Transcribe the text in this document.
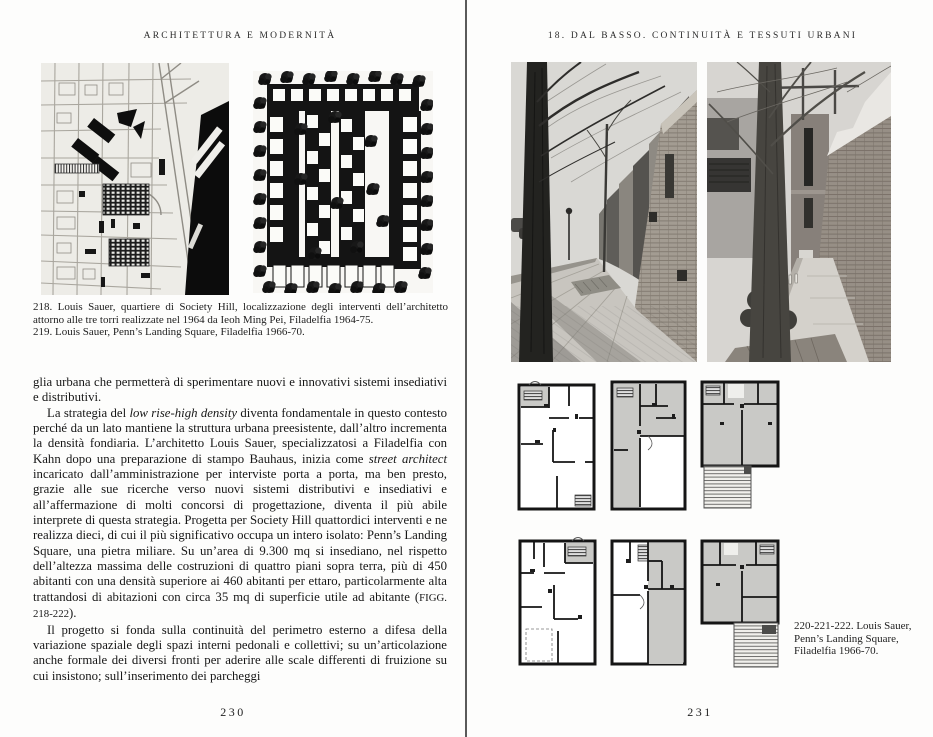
ARCHITETTURA E MODERNITÀ

218. Louis Sauer, quartiere di Society Hill, localizzazione degli interventi dell’architetto attorno alle tre torri realizzate nel 1964 da Ieoh Ming Pei, Filadelfia 1964-75.

219. Louis Sauer, Penn’s Landing Square, Filadelfia 1966-70.

glia urbana che permetterà di sperimentare nuovi e innovativi sistemi insediativi e distributivi.

La strategia del low rise-high density diventa fondamentale in questo contesto perché da un lato mantiene la struttura urbana preesistente, dall’altro incrementa la densità fondiaria. L’architetto Louis Sauer, specializzatosi a Filadelfia con Kahn dopo una preparazione di stampo Bauhaus, inizia come street architect incaricato dall’amministrazione per interviste porta a porta, ma ben presto, grazie alle sue ricerche verso nuovi sistemi distributivi e insediativi e all’affermazione di molti concorsi di progettazione, diventa il più abile interprete di questa strategia. Progetta per Society Hill quattordici interventi e ne realizza dieci, di cui il più significativo occupa un intero isolato: Penn’s Landing Square, una pietra miliare. Su un’area di 9.300 mq si insediano, nel rispetto dell’altezza massima delle costruzioni di quattro piani sopra terra, più di 450 abitanti con una densità superiore ai 460 abitanti per ettaro, particolarmente alta trattandosi di abitazioni con circa 35 mq di superficie utile ad abitante (FIGG. 218-222).

Il progetto si fonda sulla continuità del perimetro esterno a difesa della variazione spaziale degli spazi interni pedonali e collettivi; su un’articolazione anche formale dei diversi fronti per aderire alle scale differenti di fruizione su cui insistono; sull’inserimento dei parcheggi

230
18. DAL BASSO. CONTINUITÀ E TESSUTI URBANI
220-221-222. Louis Sauer, Penn’s Landing Square, Filadelfia 1966-70.
231
